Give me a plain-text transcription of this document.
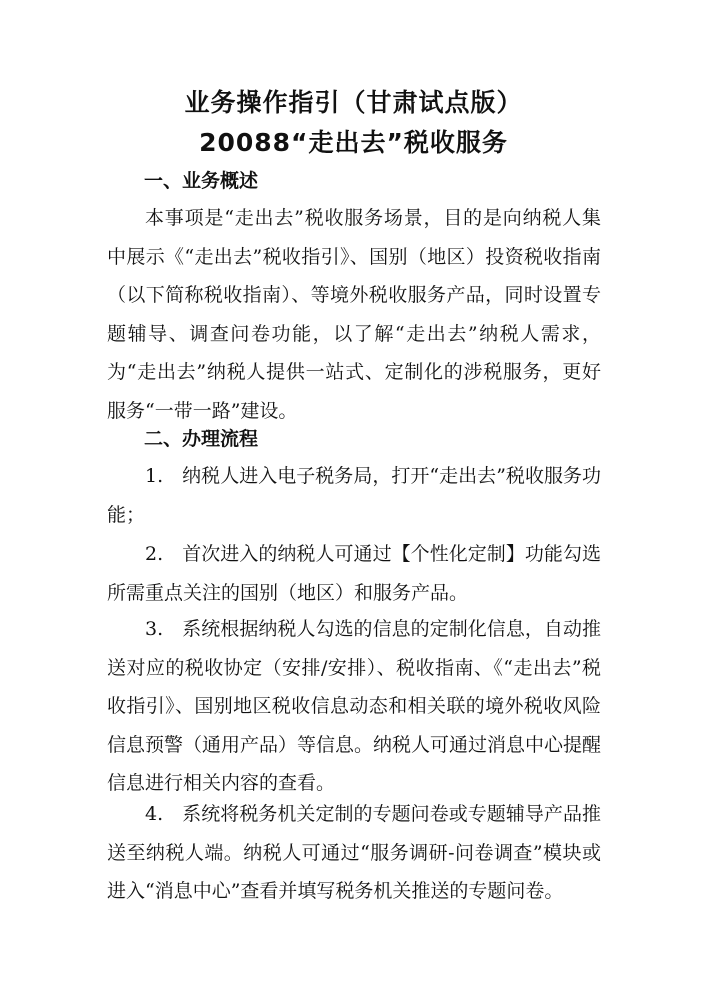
业务操作指引（甘肃试点版）
20088“走出去”税收服务
一、业务概述

本事项是“走出去”税收服务场景，目的是向纳税人集中展示《“走出去”税收指引》、国别（地区）投资税收指南（以下简称税收指南）、等境外税收服务产品，同时设置专题辅导、调查问卷功能，以了解“走出去”纳税人需求，为“走出去”纳税人提供一站式、定制化的涉税服务，更好服务“一带一路”建设。

二、办理流程

1.　纳税人进入电子税务局，打开“走出去”税收服务功能；

2.　首次进入的纳税人可通过【个性化定制】功能勾选所需重点关注的国别（地区）和服务产品。

3.　系统根据纳税人勾选的信息的定制化信息，自动推送对应的税收协定（安排/安排）、税收指南、《“走出去”税收指引》、国别地区税收信息动态和相关联的境外税收风险信息预警（通用产品）等信息。纳税人可通过消息中心提醒信息进行相关内容的查看。

4.　系统将税务机关定制的专题问卷或专题辅导产品推送至纳税人端。纳税人可通过“服务调研-问卷调查”模块或进入“消息中心”查看并填写税务机关推送的专题问卷。
